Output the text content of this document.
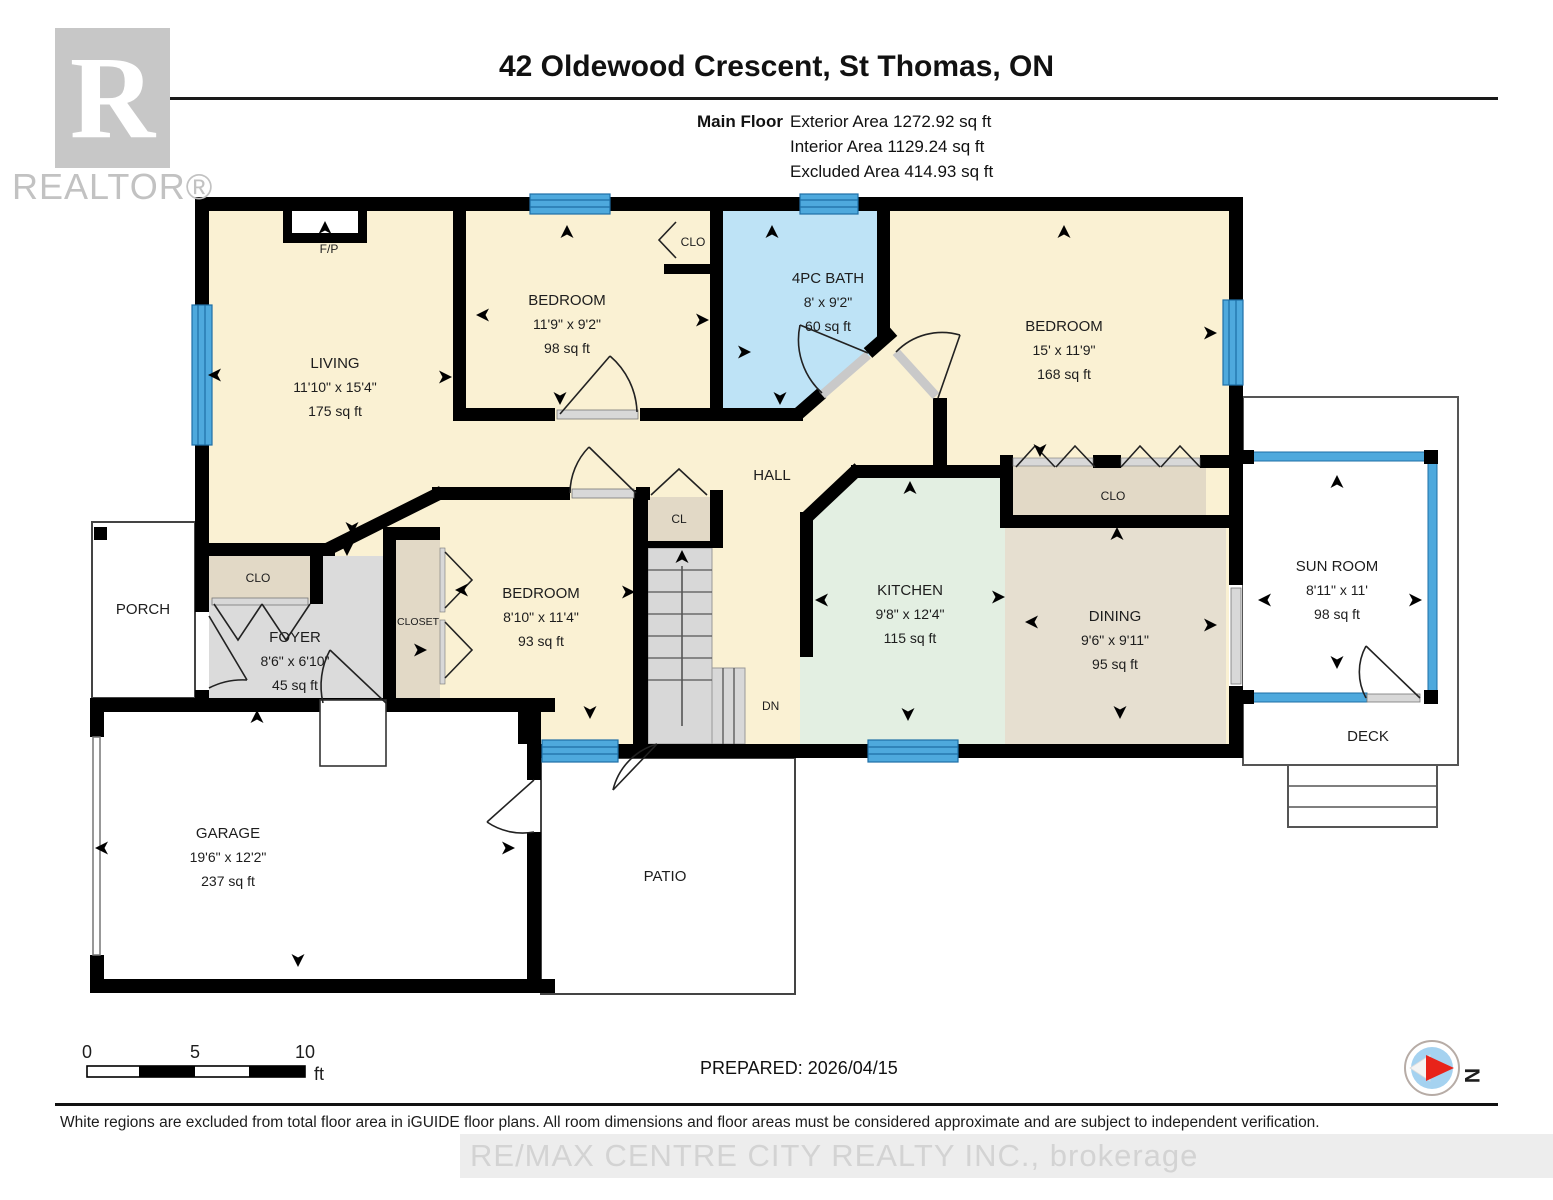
R
REALTOR®
42 Oldewood Crescent, St Thomas, ON
Main Floor Exterior Area 1272.92 sq ft
Interior Area 1129.24 sq ft
Excluded Area 414.93 sq ft
LIVING
11'10" x 15'4"
175 sq ft
BEDROOM
11'9" x 9'2"
98 sq ft
4PC BATH
8' x 9'2"
60 sq ft	BEDROOM
15' x 11'9"
168 sq ft
BEDROOM
8'10" x 11'4"
93 sq ft
KITCHEN
9'8" x 12'4"
115 sq ft
DINING
9'6" x 9'11"
95 sq ft
SUN ROOM
8'11" x 11'
98 sq ft
FOYER
8'6" x 6'10"
45 sq ft
GARAGE
19'6" x 12'2"
237 sq ft
HALL
PORCH
PATIO
DECK
CLO
CLO
CLO
CL
CLOSET
F/P
DN
N
0	5	10
ft	PREPARED: 2026/04/15
White regions are excluded from total floor area in iGUIDE floor plans. All room dimensions and floor areas must be considered approximate and are subject to independent verification.
RE/MAX CENTRE CITY REALTY INC., brokerage
